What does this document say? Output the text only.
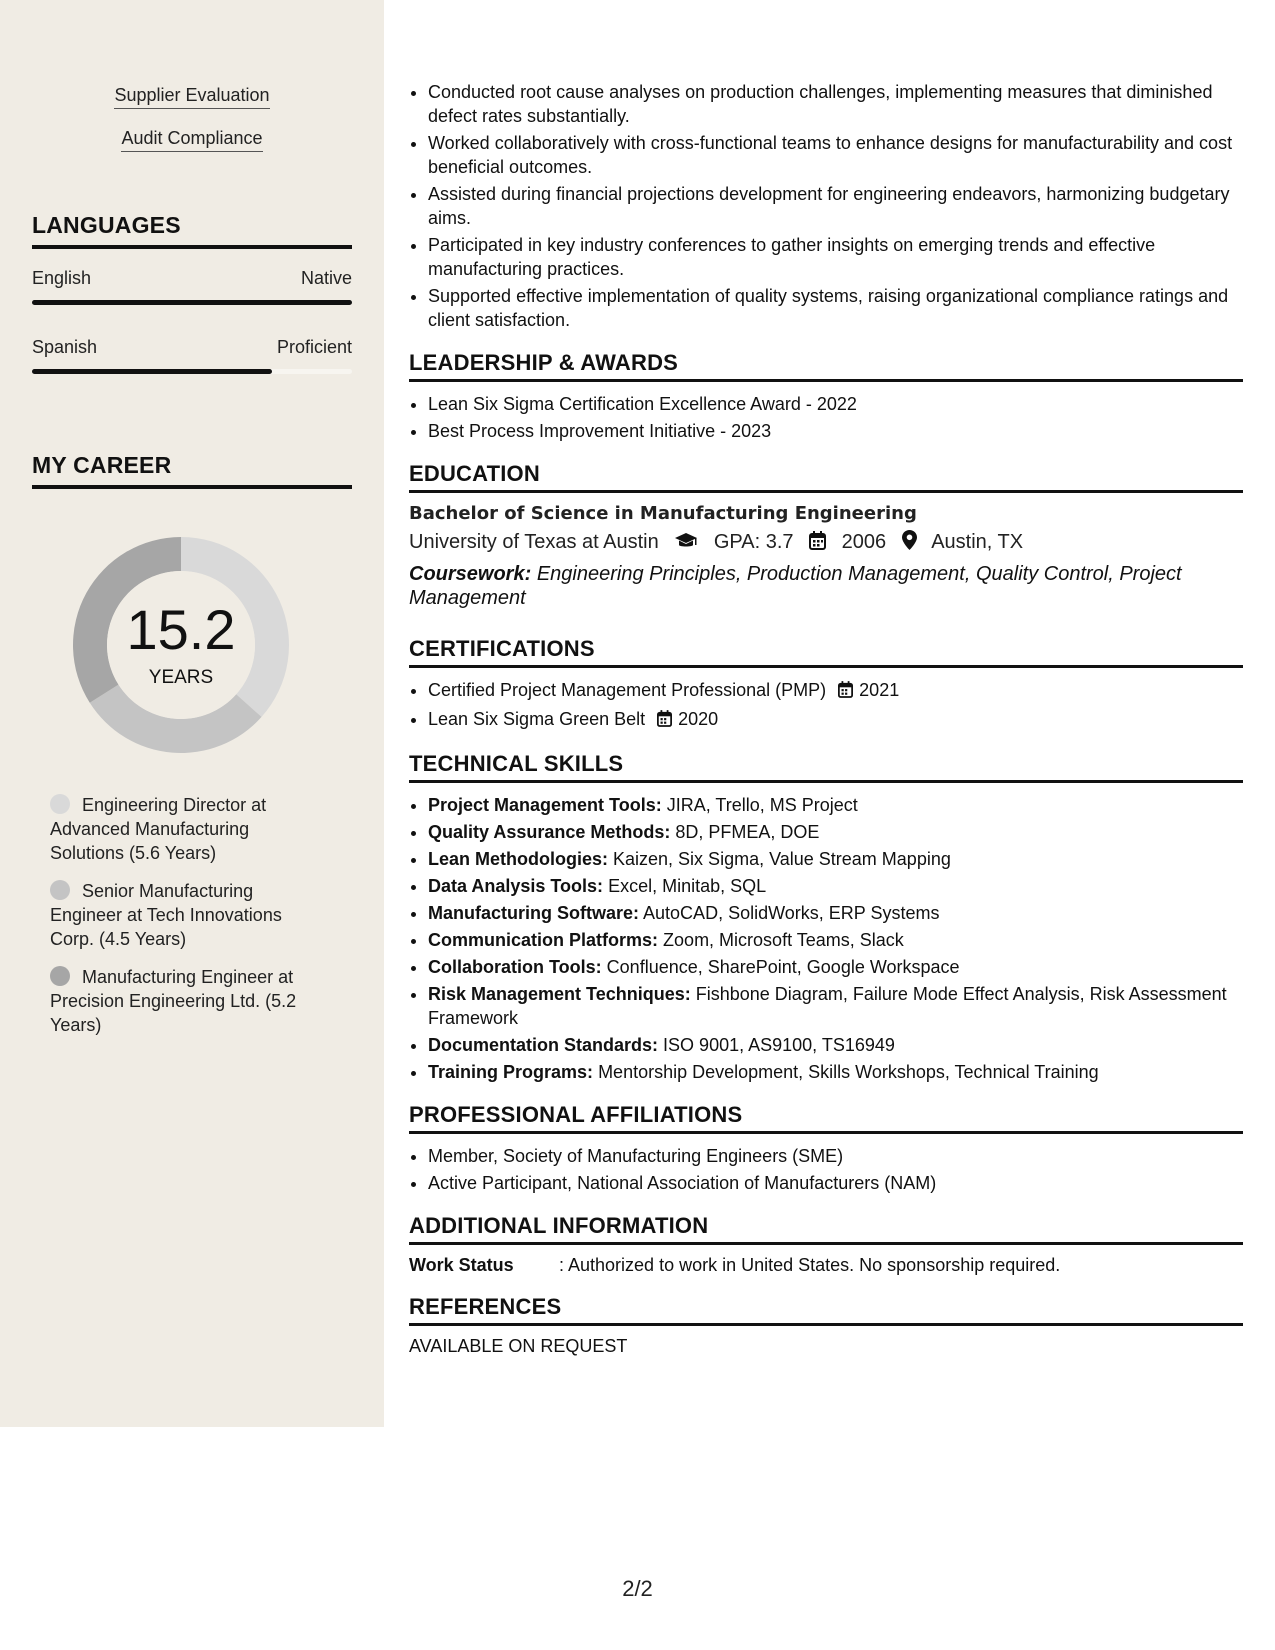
Supplier Evaluation
Audit Compliance
LANGUAGES
English	Native
Spanish	Proficient
MY CAREER
15.2
YEARS
Engineering Director at Advanced Manufacturing Solutions (5.6 Years)
Senior Manufacturing Engineer at Tech Innovations Corp. (4.5 Years)
Manufacturing Engineer at Precision Engineering Ltd. (5.2 Years)
• Conducted root cause analyses on production challenges, implementing measures that diminished defect rates substantially.
• Worked collaboratively with cross-functional teams to enhance designs for manufacturability and cost beneficial outcomes.
• Assisted during financial projections development for engineering endeavors, harmonizing budgetary aims.
• Participated in key industry conferences to gather insights on emerging trends and effective manufacturing practices.
• Supported effective implementation of quality systems, raising organizational compliance ratings and client satisfaction.
LEADERSHIP & AWARDS
• Lean Six Sigma Certification Excellence Award - 2022
• Best Process Improvement Initiative - 2023
EDUCATION
Bachelor of Science in Manufacturing Engineering
University of Texas at Austin	GPA: 3.7 2006 Austin, TX
Coursework: Engineering Principles, Production Management, Quality Control, Project Management
CERTIFICATIONS
• Certified Project Management Professional (PMP) 2021
• Lean Six Sigma Green Belt 2020
TECHNICAL SKILLS
• Project Management Tools: JIRA, Trello, MS Project
• Quality Assurance Methods: 8D, PFMEA, DOE
• Lean Methodologies: Kaizen, Six Sigma, Value Stream Mapping
• Data Analysis Tools: Excel, Minitab, SQL
• Manufacturing Software: AutoCAD, SolidWorks, ERP Systems
• Communication Platforms: Zoom, Microsoft Teams, Slack
• Collaboration Tools: Confluence, SharePoint, Google Workspace
• Risk Management Techniques: Fishbone Diagram, Failure Mode Effect Analysis, Risk Assessment Framework
• Documentation Standards: ISO 9001, AS9100, TS16949
• Training Programs: Mentorship Development, Skills Workshops, Technical Training
PROFESSIONAL AFFILIATIONS
• Member, Society of Manufacturing Engineers (SME)
• Active Participant, National Association of Manufacturers (NAM)
ADDITIONAL INFORMATION
Work Status	: Authorized to work in United States. No sponsorship required.
REFERENCES
AVAILABLE ON REQUEST
2/2
